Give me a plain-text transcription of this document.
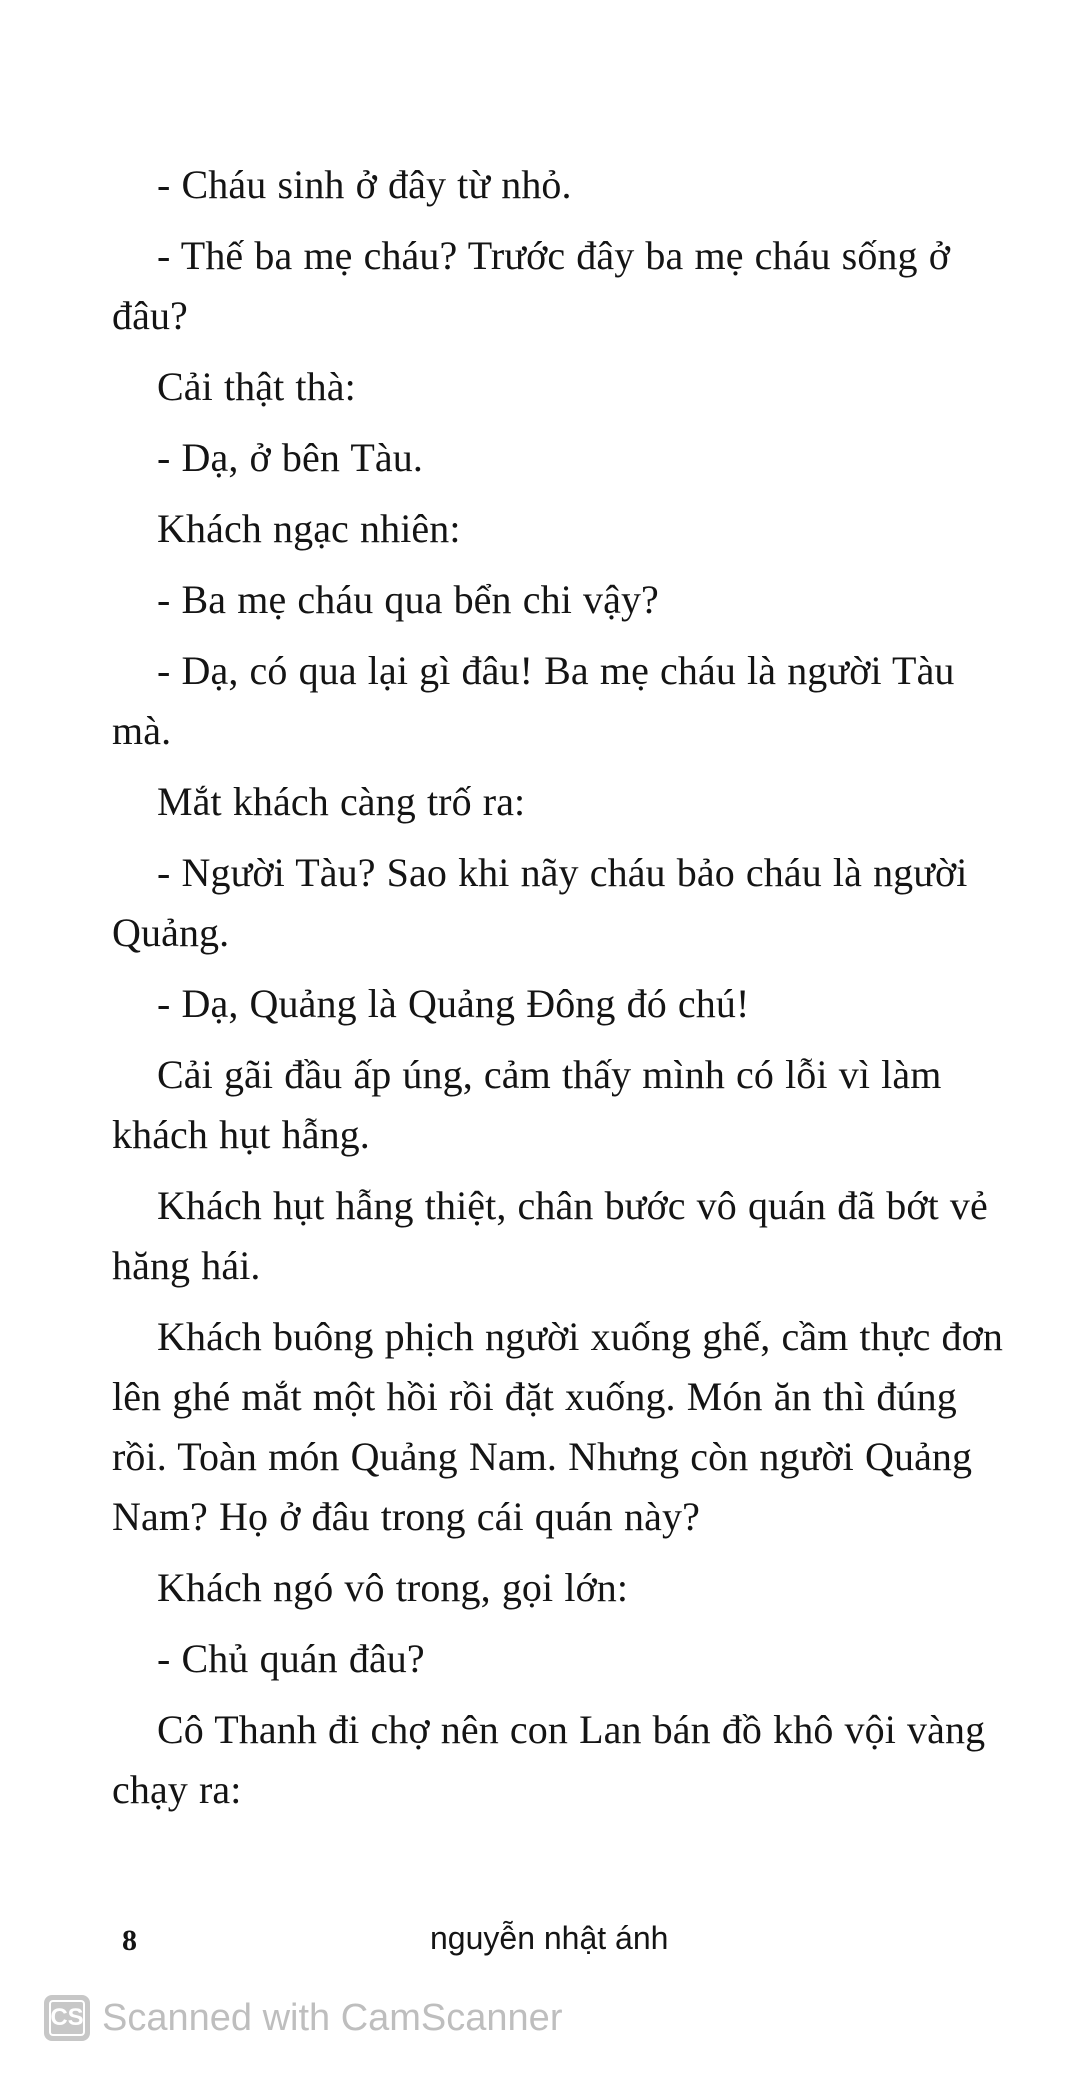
- Cháu sinh ở đây từ nhỏ.

- Thế ba mẹ cháu? Trước đây ba mẹ cháu sống ở đâu?

Cải thật thà:

- Dạ, ở bên Tàu.

Khách ngạc nhiên:

- Ba mẹ cháu qua bển chi vậy?

- Dạ, có qua lại gì đâu! Ba mẹ cháu là người Tàu mà.

Mắt khách càng trố ra:

- Người Tàu? Sao khi nãy cháu bảo cháu là người Quảng.

- Dạ, Quảng là Quảng Đông đó chú!

Cải gãi đầu ấp úng, cảm thấy mình có lỗi vì làm khách hụt hẫng.

Khách hụt hẫng thiệt, chân bước vô quán đã bớt vẻ hăng hái.

Khách buông phịch người xuống ghế, cầm thực đơn lên ghé mắt một hồi rồi đặt xuống. Món ăn thì đúng rồi. Toàn món Quảng Nam. Nhưng còn người Quảng Nam? Họ ở đâu trong cái quán này?

Khách ngó vô trong, gọi lớn:

- Chủ quán đâu?

Cô Thanh đi chợ nên con Lan bán đồ khô vội vàng chạy ra:

8	nguyễn nhật ánh
CS Scanned with CamScanner
